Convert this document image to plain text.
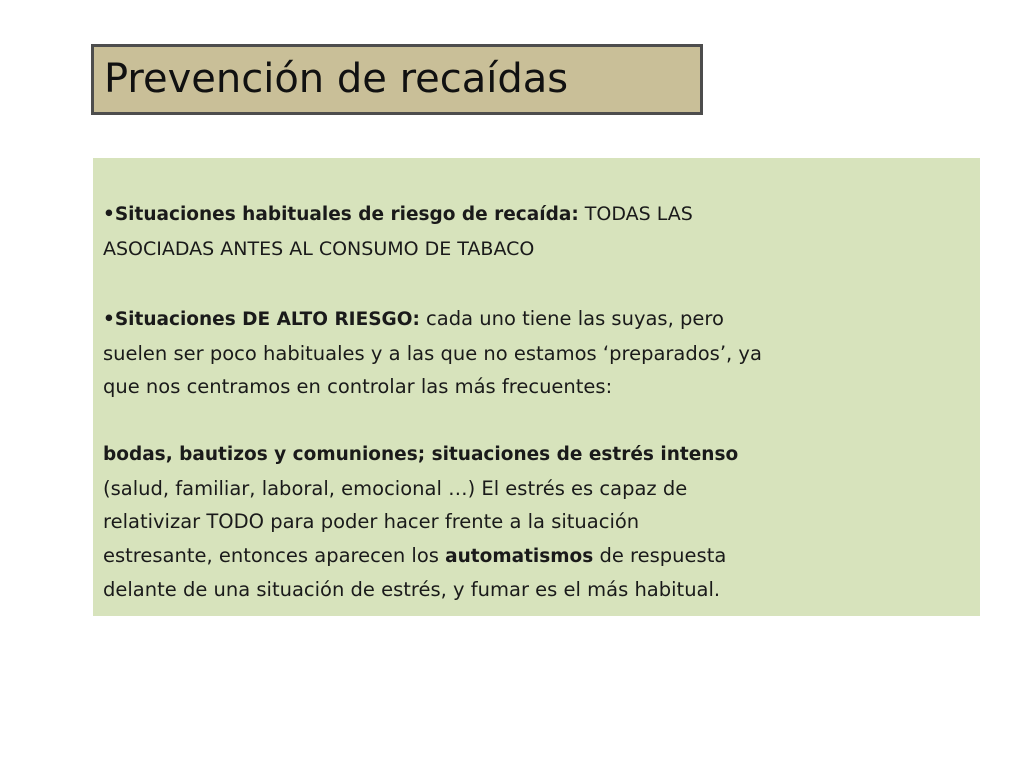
Prevención de recaídas

•Situaciones habituales de riesgo de recaída: TODAS LAS
ASOCIADAS ANTES AL CONSUMO DE TABACO

•Situaciones DE ALTO RIESGO: cada uno tiene las suyas, pero
suelen ser poco habituales y a las que no estamos ‘preparados’, ya
que nos centramos en controlar las más frecuentes:

bodas, bautizos y comuniones; situaciones de estrés intenso
(salud, familiar, laboral, emocional …) El estrés es capaz de
relativizar TODO para poder hacer frente a la situación
estresante, entonces aparecen los automatismos de respuesta
delante de una situación de estrés, y fumar es el más habitual.
